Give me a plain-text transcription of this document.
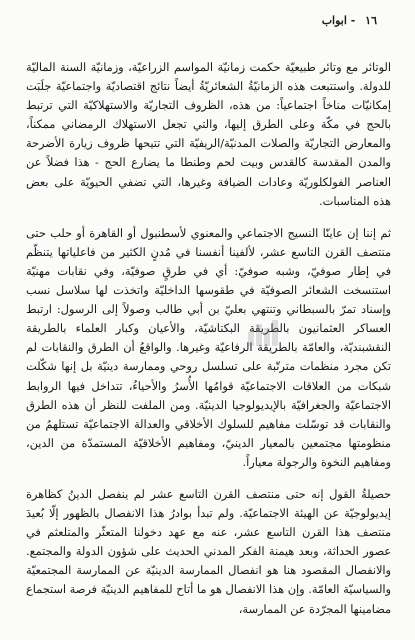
١٦ - ابواب

الوتائر مع وتائر طبيعيّة حكمت زمانيّة المواسم الزراعيّة، وزمانيّة السنة الماليّة للدولة. واستتبعت هذه الزمانيّةُ الشعائريّةُ أيضاً نتائج اقتصاديّة واجتماعيّة جلَبَت إمكانيّات مناخاً اجتماعياً: من هذه، الظروف التجاريّة والاستهلاكيّة التي ترتبط بالحج في مكّة وعلى الطرق إليها، والتي تجعل الاستهلاك الرمضاني ممكناً، والمعارض التجاريّة والصلات المدنيّة/الريفيّة التي تتيحها ظروف زيارة الأضرحة والمدن المقدسة كالقدس وبيت لحم وطنطا ما يضارع الحج - هذا فضلاً عن العناصر الفولكلوريّة وعادات الضيافة وغيرها، التي تضفي الحيويّة على بعض هذه المناسبات.

ثم إننا إن عاينّا النسيج الاجتماعي والمعنوي لأسطنبول أو القاهرة أو حلب حتى منتصف القرن التاسع عشر، لألفينا أنفسنا في مُدنٍ الكثير من فاعلياتها يتنظّم في إطار صوفيّ، وشبه صوفيّ: أي في طرقٍ صوفيّة، وفي نقابات مهنيّة استنسخت الشعائر الصوفيّة في طقوسها الداخليّة واتخذت لها سلاسل نسب وإسناد تمرّ بالسبطاني وتنتهي بعليّ بن أبي طالب وصولاً إلى الرسول: ارتبط العساكر العثمانيون بالطريقة البكتاشيّة، والأعيان وكبار العلماء بالطريقة النقشبنديّة، والعامّة بالطريقة الرفاعيّة وغيرها. والواقعُ أن الطرق والنقابات لم تكن مجرد منظمات مترتّبة على تسلسل روحي وممارسة دينيّة بل إنها شكّلت شبكات من العلاقات الاجتماعيّة قوامُها الأُسرُ والأحياءُ، تتداخل فيها الروابط الاجتماعيّة والجغرافيّة بالإيديولوجيا الدينيّة. ومن الملفت للنظر أن هذه الطرق والنقابات قد توسّلت مفاهيم للسلوك الأخلاقي والعدالة الاجتماعيّة تستلهمُ من منظومتها مجتمعين بالمعيار الدينيّ، ومفاهيم الأخلاقيّة المستمدّة من الدين، ومفاهيم النخوة والرجولة معياراً.

حصيلةُ القول إنه حتى منتصف القرن التاسع عشر لم ينفصل الدينُ كظاهرة إيديولوجيّة عن الهيئة الاجتماعيّة. ولم تبدأ بوادرُ هذا الانفصال بالظهور إلّا بُعيدَ منتصف هذا القرن التاسع عشر، عنه مع عهد دخولنا المتعثّر والمتلعثم في عصور الحداثة، وبعد هيمنة الفكر المدني الحديث على شؤون الدولة والمجتمع. والانفصال المقصود هنا هو انفصال الممارسة الدينيّة عن الممارسة المجتمعيّة والسياسيّة العامّة. وإن هذا الانفصال هو ما أتاح للمفاهيم الدينيّة فرصة استجماع مضامينها المجرّدة عن الممارسة،
